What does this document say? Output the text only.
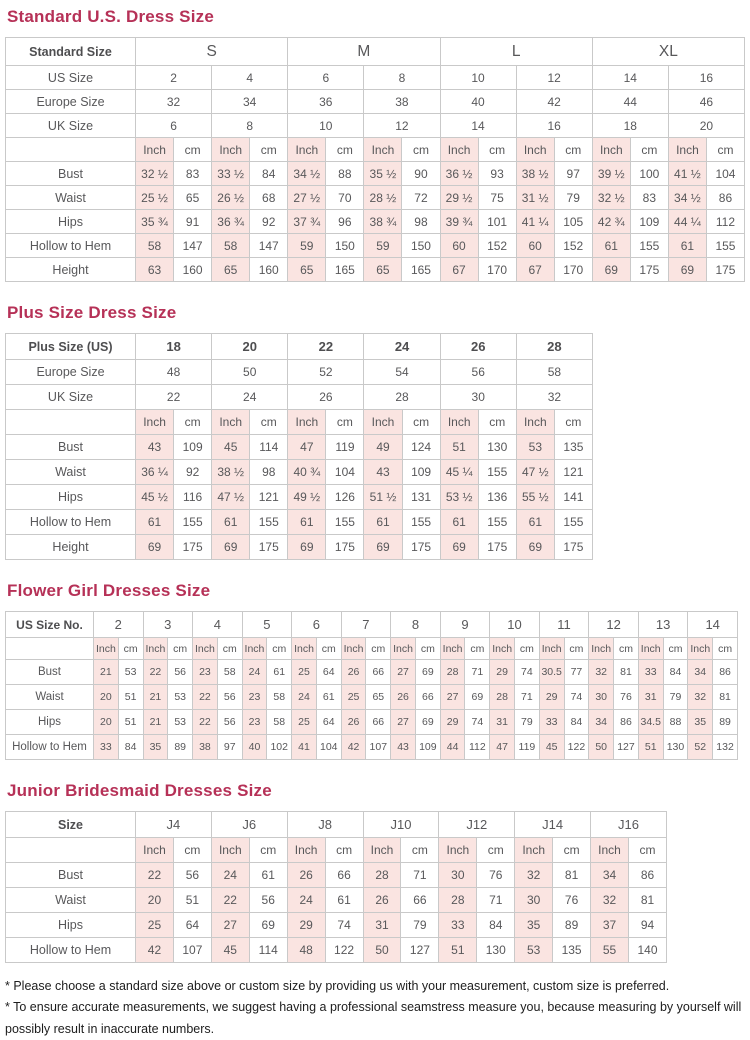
Standard U.S. Dress Size
Standard Size	S				M				L				XL			
US Size	2		4		6		8		10		12		14		16	
Europe Size	32		34		36		38		40		42		44		46	
UK Size	6		8		10		12		14		16		18		20	
	Inch	cm	Inch	cm	Inch	cm	Inch	cm	Inch	cm	Inch	cm	Inch	cm	Inch	cm
Bust	32 ½	83	33 ½	84	34 ½	88	35 ½	90	36 ½	93	38 ½	97	39 ½	100	41 ½	104
Waist	25 ½	65	26 ½	68	27 ½	70	28 ½	72	29 ½	75	31 ½	79	32 ½	83	34 ½	86
Hips	35 ¾	91	36 ¾	92	37 ¾	96	38 ¾	98	39 ¾	101	41 ¼	105	42 ¾	109	44 ¼	112
Hollow to Hem	58	147	58	147	59	150	59	150	60	152	60	152	61	155	61	155
Height	63	160	65	160	65	165	65	165	67	170	67	170	69	175	69	175
Plus Size Dress Size
Plus Size (US)	18		20		22		24		26		28	
Europe Size	48		50		52		54		56		58	
UK Size	22		24		26		28		30		32	
	Inch	cm	Inch	cm	Inch	cm	Inch	cm	Inch	cm	Inch	cm
Bust	43	109	45	114	47	119	49	124	51	130	53	135
Waist	36 ¼	92	38 ½	98	40 ¾	104	43	109	45 ¼	155	47 ½	121
Hips	45 ½	116	47 ½	121	49 ½	126	51 ½	131	53 ½	136	55 ½	141
Hollow to Hem	61	155	61	155	61	155	61	155	61	155	61	155
Height	69	175	69	175	69	175	69	175	69	175	69	175
Flower Girl Dresses Size
US Size No.	2		3		4		5		6		7		8		9		10		11		12		13		14	
	Inch	cm	Inch	cm	Inch	cm	Inch	cm	Inch	cm	Inch	cm	Inch	cm	Inch	cm	Inch	cm	Inch	cm	Inch	cm	Inch	cm	Inch	cm
Bust	21	53	22	56	23	58	24	61	25	64	26	66	27	69	28	71	29	74	30.5	77	32	81	33	84	34	86
Waist	20	51	21	53	22	56	23	58	24	61	25	65	26	66	27	69	28	71	29	74	30	76	31	79	32	81
Hips	20	51	21	53	22	56	23	58	25	64	26	66	27	69	29	74	31	79	33	84	34	86	34.5	88	35	89
Hollow to Hem	33	84	35	89	38	97	40	102	41	104	42	107	43	109	44	112	47	119	45	122	50	127	51	130	52	132
Junior Bridesmaid Dresses Size
Size	J4		J6		J8		J10		J12		J14		J16	
	Inch	cm	Inch	cm	Inch	cm	Inch	cm	Inch	cm	Inch	cm	Inch	cm
Bust	22	56	24	61	26	66	28	71	30	76	32	81	34	86
Waist	20	51	22	56	24	61	26	66	28	71	30	76	32	81
Hips	25	64	27	69	29	74	31	79	33	84	35	89	37	94
Hollow to Hem	42	107	45	114	48	122	50	127	51	130	53	135	55	140

* Please choose a standard size above or custom size by providing us with your measurement, custom size is preferred.

* To ensure accurate measurements, we suggest having a professional seamstress measure you, because measuring by yourself will possibly result in inaccurate numbers.
